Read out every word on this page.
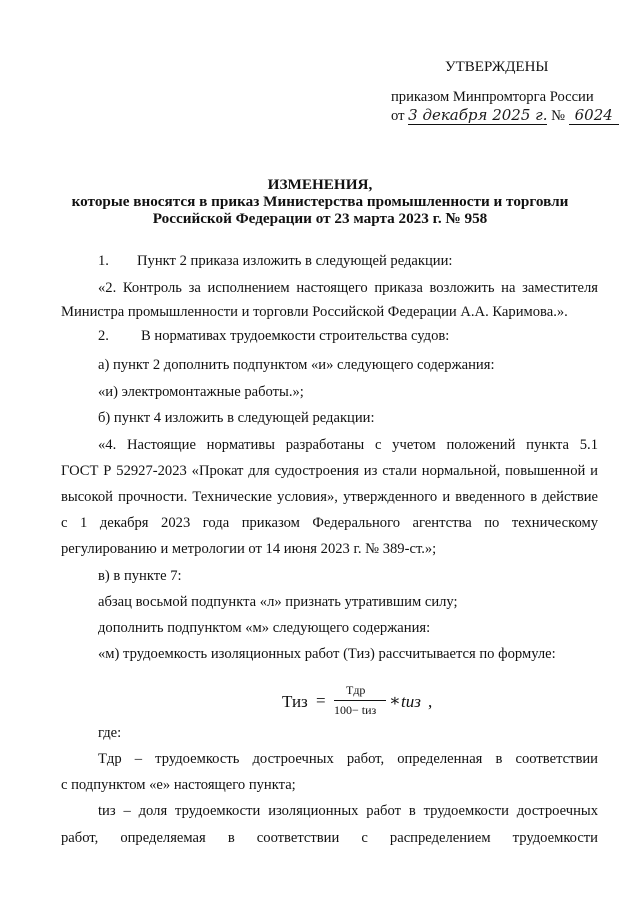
УТВЕРЖДЕНЫ
приказом Минпромторга России
от 3 декабря 2025 г. № 6024
ИЗМЕНЕНИЯ,
которые вносятся в приказ Министерства промышленности и торговли
Российской Федерации от 23 марта 2023 г. № 958
1. Пункт 2 приказа изложить в следующей редакции:
«2. Контроль за исполнением настоящего приказа возложить на заместителя
Министра промышленности и торговли Российской Федерации А.А. Каримова.».
2. В нормативах трудоемкости строительства судов:
а) пункт 2 дополнить подпунктом «и» следующего содержания:
«и) электромонтажные работы.»;
б) пункт 4 изложить в следующей редакции:
«4. Настоящие нормативы разработаны с учетом положений пункта 5.1
ГОСТ Р 52927-2023 «Прокат для судостроения из стали нормальной, повышенной и
высокой прочности. Технические условия», утвержденного и введенного в действие
с 1 декабря 2023 года приказом Федерального агентства по техническому
регулированию и метрологии от 14 июня 2023 г. № 389-ст.»;
в) в пункте 7:
абзац восьмой подпункта «л» признать утратившим силу;
дополнить подпунктом «м» следующего содержания:
«м) трудоемкость изоляционных работ (Тиз) рассчитывается по формуле:
Тиз =
Тдр
100− tиз ∗ tиз ,
где:
Тдр – трудоемкость достроечных работ, определенная в соответствии
с подпунктом «е» настоящего пункта;
tиз – доля трудоемкости изоляционных работ в трудоемкости достроечных
работ, определяемая в соответствии с распределением трудоемкости
